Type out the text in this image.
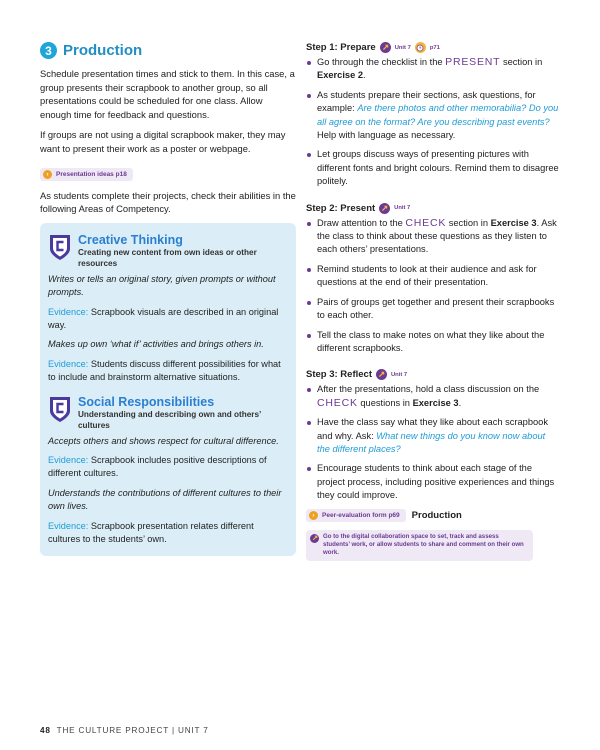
3 Production

Schedule presentation times and stick to them. In this case, a group presents their scrapbook to another group, so all presentations could be scheduled for one class. Allow enough time for feedback and questions.

If groups are not using a digital scrapbook maker, they may want to present their work as a poster or webpage.

›	Presentation ideas p18

As students complete their projects, check their abilities in the following Areas of Competency.

Creative Thinking
Creating new content from own ideas or other resources

Writes or tells an original story, given prompts or without prompts.

Evidence: Scrapbook visuals are described in an original way.

Makes up own ‘what if’ activities and brings others in.

Evidence: Students discuss different possibilities for what to include and brainstorm alternative situations.

Social Responsibilities
Understanding and describing own and others’ cultures

Accepts others and shows respect for cultural difference.

Evidence: Scrapbook includes positive descriptions of different cultures.

Understands the contributions of different cultures to their own lives.

Evidence: Scrapbook presentation relates different cultures to the students’ own.

Step 1: Prepare	Unit 7	p71
Go through the checklist in the PRESENT section in Exercise 2.
As students prepare their sections, ask questions, for example: Are there photos and other memorabilia? Do you all agree on the format? Are you describing past events? Help with language as necessary.
Let groups discuss ways of presenting pictures with different fonts and bright colours. Remind them to disagree politely.
Step 2: Present	Unit 7
Draw attention to the CHECK section in Exercise 3. Ask the class to think about these questions as they listen to each others’ presentations.
Remind students to look at their audience and ask for questions at the end of their presentation.
Pairs of groups get together and present their scrapbooks to each other.
Tell the class to make notes on what they like about the different scrapbooks.
Step 3: Reflect	Unit 7
After the presentations, hold a class discussion on the CHECK questions in Exercise 3.
Have the class say what they like about each scrapbook and why. Ask: What new things do you know now about the different places?
Encourage students to think about each stage of the project process, including positive experiences and things they could improve.
›	Peer-evaluation form p69 Production
Go to the digital collaboration space to set, track and assess students’ work, or allow students to share and comment on their own work.
48 THE CULTURE PROJECT | UNIT 7
